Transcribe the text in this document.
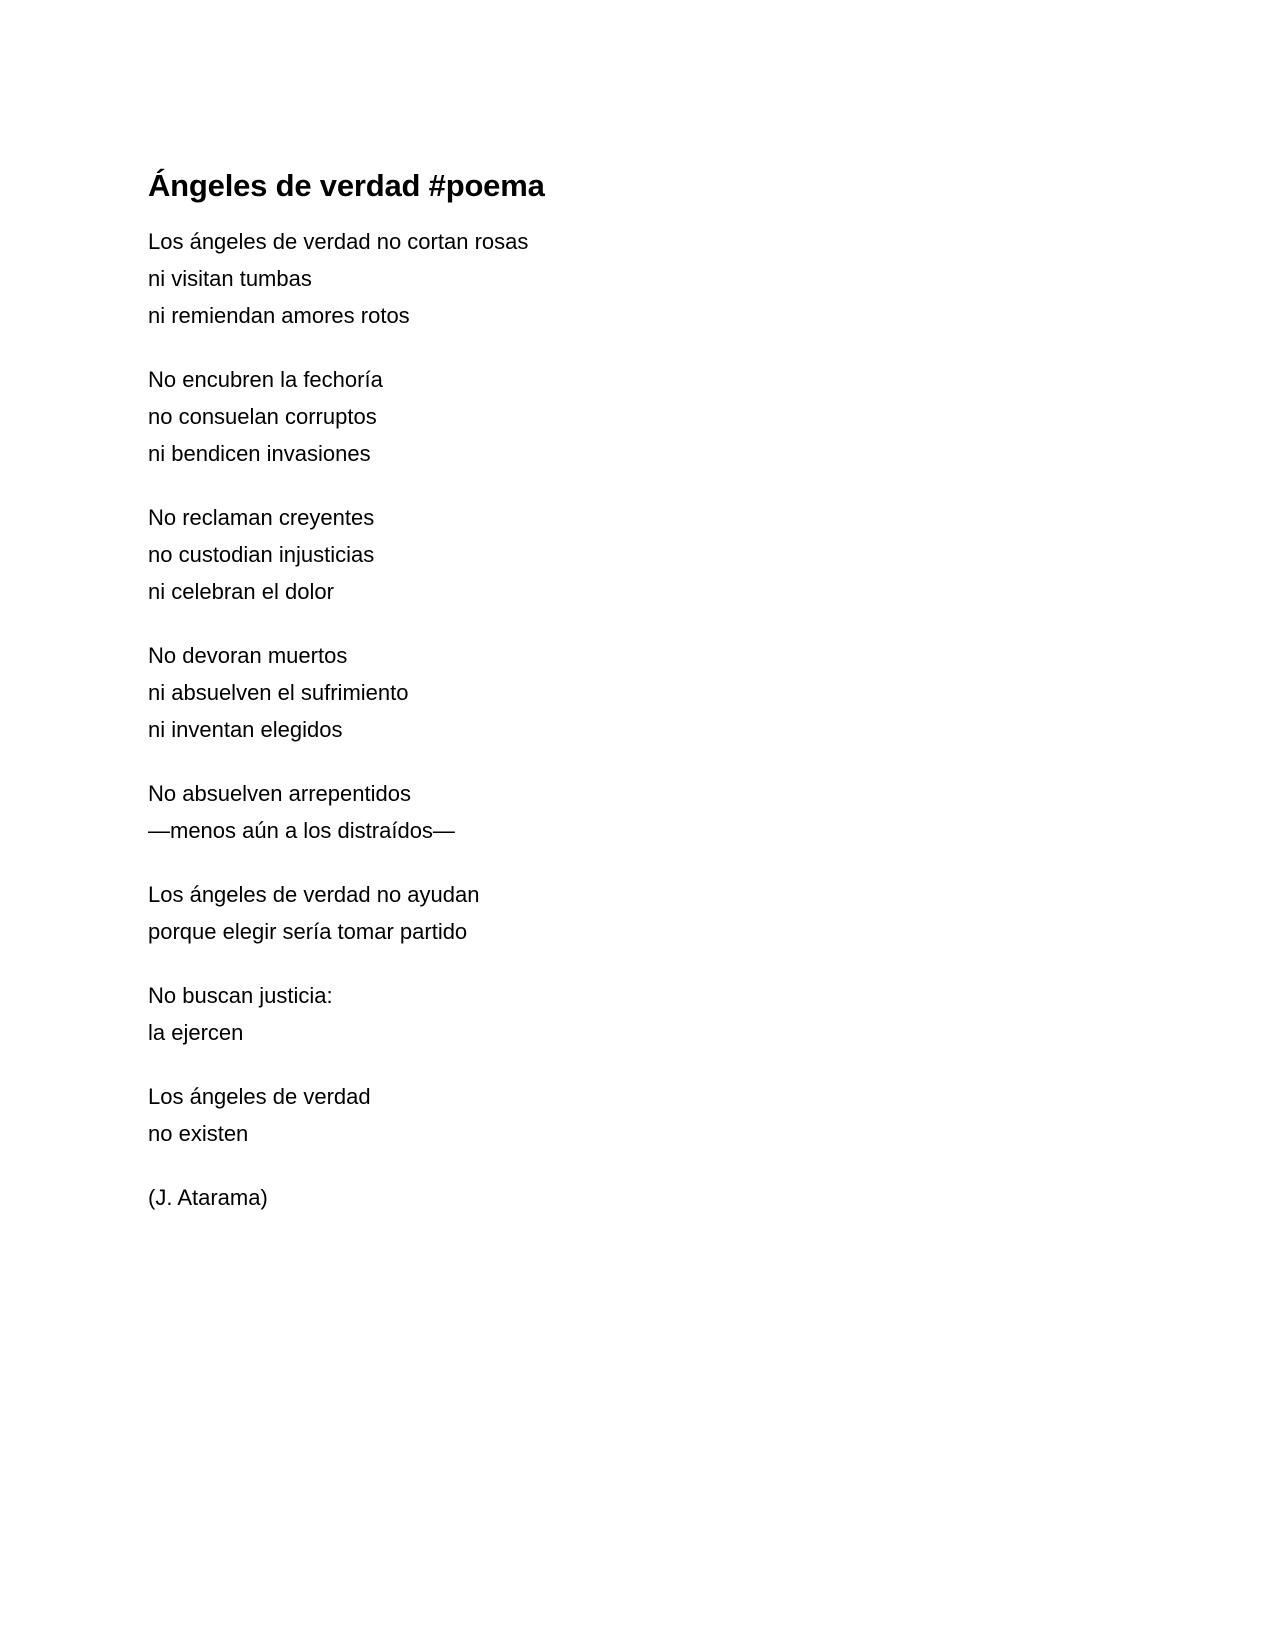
Ángeles de verdad #poema
Los ángeles de verdad no cortan rosas
ni visitan tumbas
ni remiendan amores rotos
No encubren la fechoría
no consuelan corruptos
ni bendicen invasiones
No reclaman creyentes
no custodian injusticias
ni celebran el dolor
No devoran muertos
ni absuelven el sufrimiento
ni inventan elegidos
No absuelven arrepentidos
—menos aún a los distraídos—
Los ángeles de verdad no ayudan
porque elegir sería tomar partido
No buscan justicia:
la ejercen
Los ángeles de verdad
no existen
(J. Atarama)
